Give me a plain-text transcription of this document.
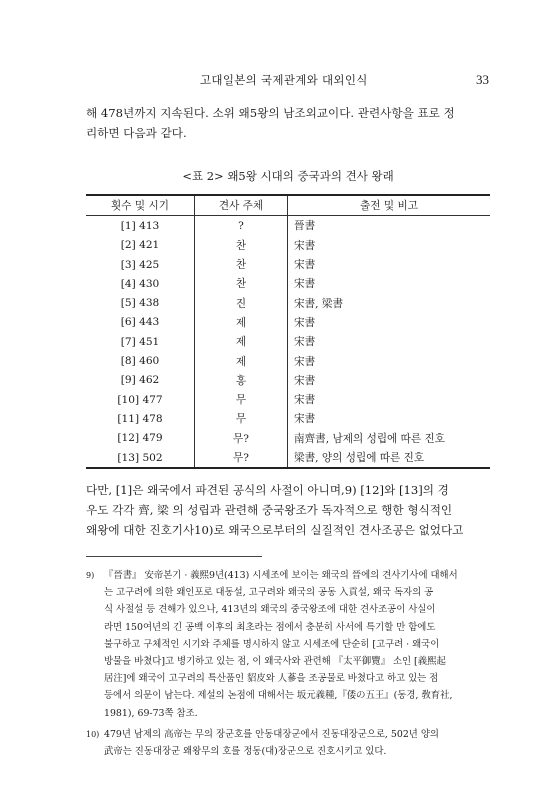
고대일본의 국제관계와 대외인식	33

해 478년까지 지속된다. 소위 왜5왕의 남조외교이다. 관련사항을 표로 정
리하면 다음과 같다.

<표 2> 왜5왕 시대의 중국과의 견사 왕래
횟수 및 시기	견사 주체	출전 및 비고
[1] 413	?	晉書
[2] 421	찬	宋書
[3] 425	찬	宋書
[4] 430	찬	宋書
[5] 438	진	宋書, 梁書
[6] 443	제	宋書
[7] 451	제	宋書
[8] 460	제	宋書
[9] 462	홍	宋書
[10] 477	무	宋書
[11] 478	무	宋書
[12] 479	무?	南齊書, 남제의 성립에 따른 진호
[13] 502	무?	梁書, 양의 성립에 따른 진호

다만, [1]은 왜국에서 파견된 공식의 사절이 아니며,9) [12]와 [13]의 경
우도 각각 齊, 梁 의 성립과 관련해 중국왕조가 독자적으로 행한 형식적인
왜왕에 대한 진호기사10)로 왜국으로부터의 실질적인 견사조공은 없었다고

9) 『晉書』 安帝본기 · 義熙9년(413) 시세조에 보이는 왜국의 晉에의 견사기사에 대해서
는 고구려에 의한 왜인포로 대동설, 고구려와 왜국의 공동 入貢설, 왜국 독자의 공
식 사절설 등 견해가 있으나, 413년의 왜국의 중국왕조에 대한 견사조공이 사실이
라면 150여년의 긴 공백 이후의 최초라는 점에서 충분히 사서에 특기할 만 함에도
불구하고 구체적인 시기와 주체를 명시하지 않고 시세조에 단순히 [고구려 · 왜국이
방물을 바쳤다]고 병기하고 있는 점, 이 왜국사와 관련해 『太平御覽』 소인 [義熙起
居注]에 왜국이 고구려의 특산품인 貂皮와 人蔘을 조공물로 바쳤다고 하고 있는 점
등에서 의문이 남는다. 제설의 논점에 대해서는 坂元義種,『倭の五王』(동경, 敎育社,
1981), 69-73쪽 참조.
10) 479년 남제의 高帝는 무의 장군호를 안동대장군에서 진동대장군으로, 502년 양의
武帝는 진동대장군 왜왕무의 호를 정동(대)장군으로 진호시키고 있다.
